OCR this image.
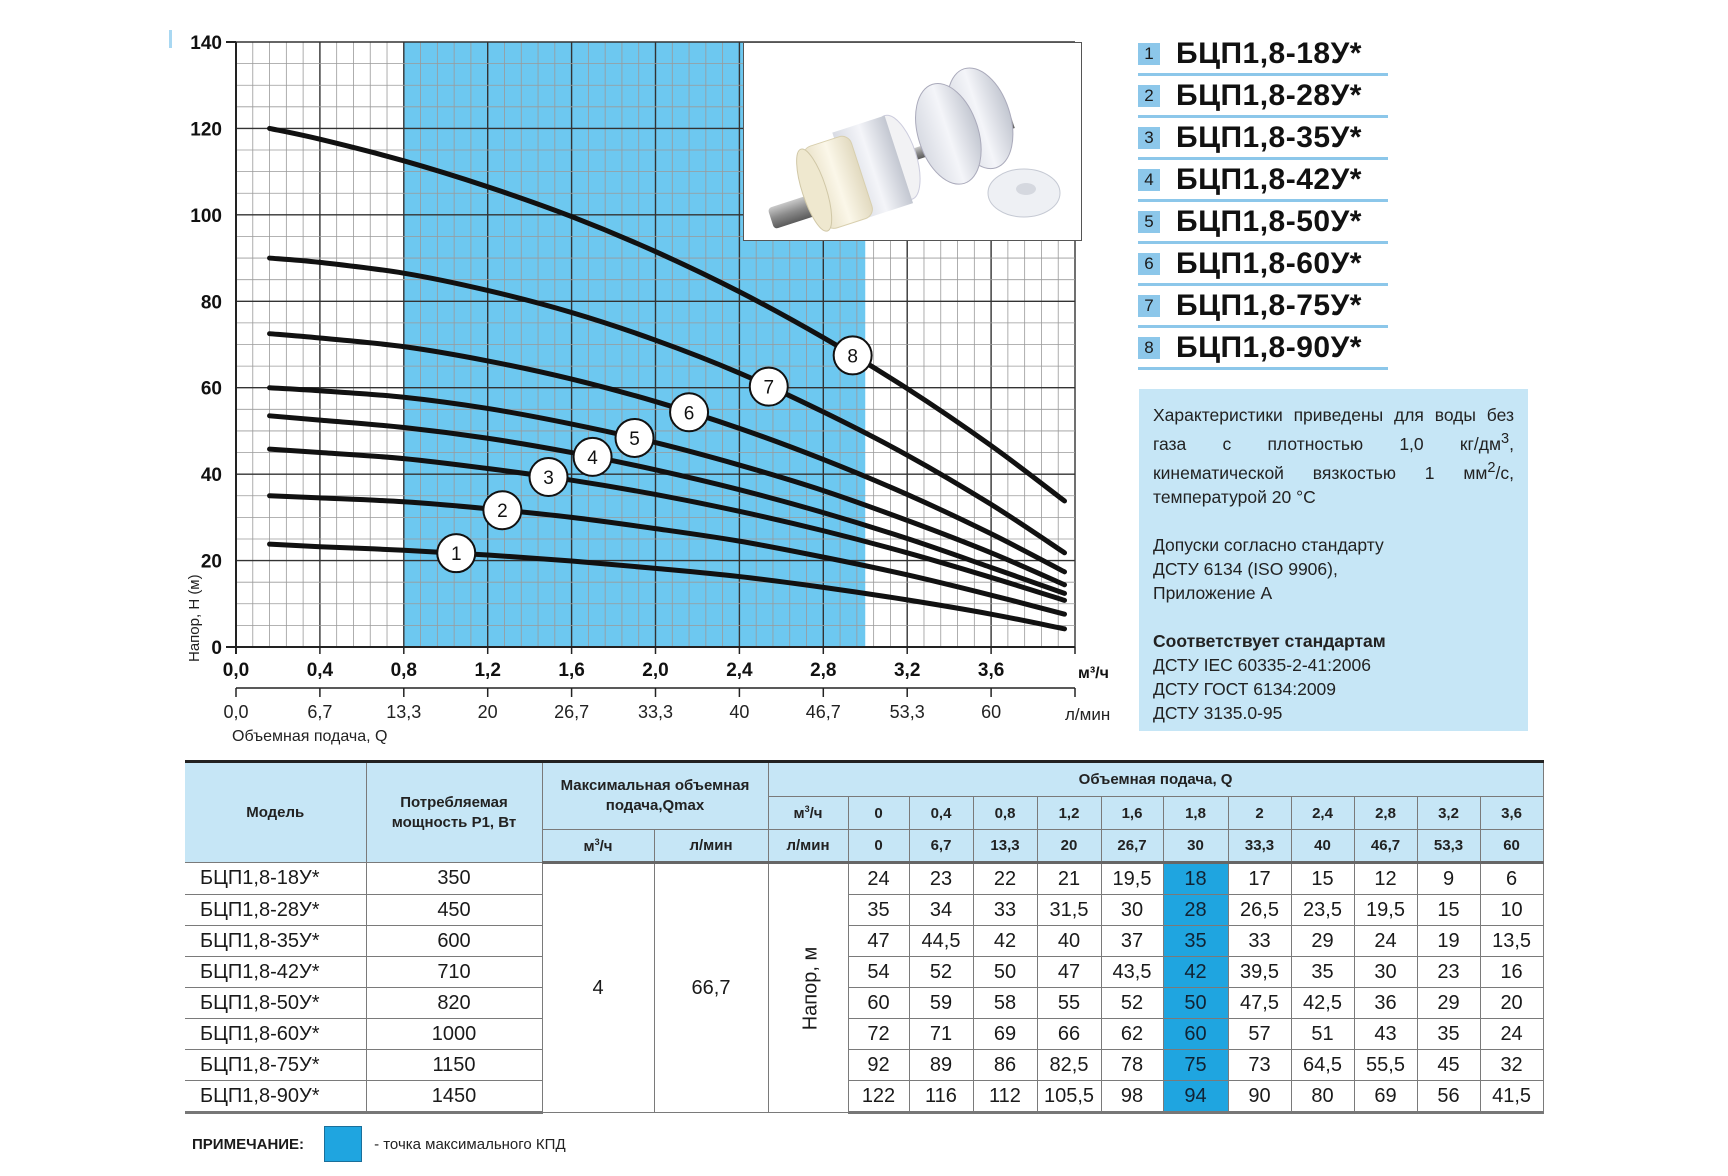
0
20
40
60
80
100
120
140
0,0
0,0
0,4
6,7
0,8
13,3
1,2
20
1,6
26,7
2,0
33,3
2,4
40
2,8
46,7
3,2
53,3
3,6
60
м³/ч
л/мин
Объемная подача, Q
Напор, Н (м)
1
2
3
4
5
6
7
8
1 БЦП1,8-18У*
2 БЦП1,8-28У*
3 БЦП1,8-35У*
4 БЦП1,8-42У*
5 БЦП1,8-50У*
6 БЦП1,8-60У*
7 БЦП1,8-75У*
8 БЦП1,8-90У*

Характеристики приведены для воды без газа с плотностью 1,0 $кг/дм^3$, кинематической вязкостью 1 $мм^2/с$, температурой 20 °С

Допуски согласно стандарту
ДСТУ 6134 (ISO 9906),
Приложение А

Соответствует стандартам
ДСТУ IEC 60335-2-41:2006
ДСТУ ГОСТ 6134:2009
ДСТУ 3135.0-95

Модель	Потребляемая мощность Р1, Вт	Максимальная объемная подача,Qmax		Объемная подача, Q											
				$м^3/ч$	0	0,4	0,8	1,2	1,6	1,8	2	2,4	2,8	3,2	3,6
		$м^3/ч$	л/мин	л/мин	0	6,7	13,3	20	26,7	30	33,3	40	46,7	53,3	60
БЦП1,8-18У*	350	4	66,7	Напор, м	24	23	22	21	19,5	18	17	15	12	9	6
БЦП1,8-28У*	450				35	34	33	31,5	30	28	26,5	23,5	19,5	15	10
БЦП1,8-35У*	600				47	44,5	42	40	37	35	33	29	24	19	13,5
БЦП1,8-42У*	710				54	52	50	47	43,5	42	39,5	35	30	23	16
БЦП1,8-50У*	820				60	59	58	55	52	50	47,5	42,5	36	29	20
БЦП1,8-60У*	1000				72	71	69	66	62	60	57	51	43	35	24
БЦП1,8-75У*	1150				92	89	86	82,5	78	75	73	64,5	55,5	45	32
БЦП1,8-90У*	1450				122	116	112	105,5	98	94	90	80	69	56	41,5
ПРИМЕЧАНИЕ:	- точка максимального КПД
